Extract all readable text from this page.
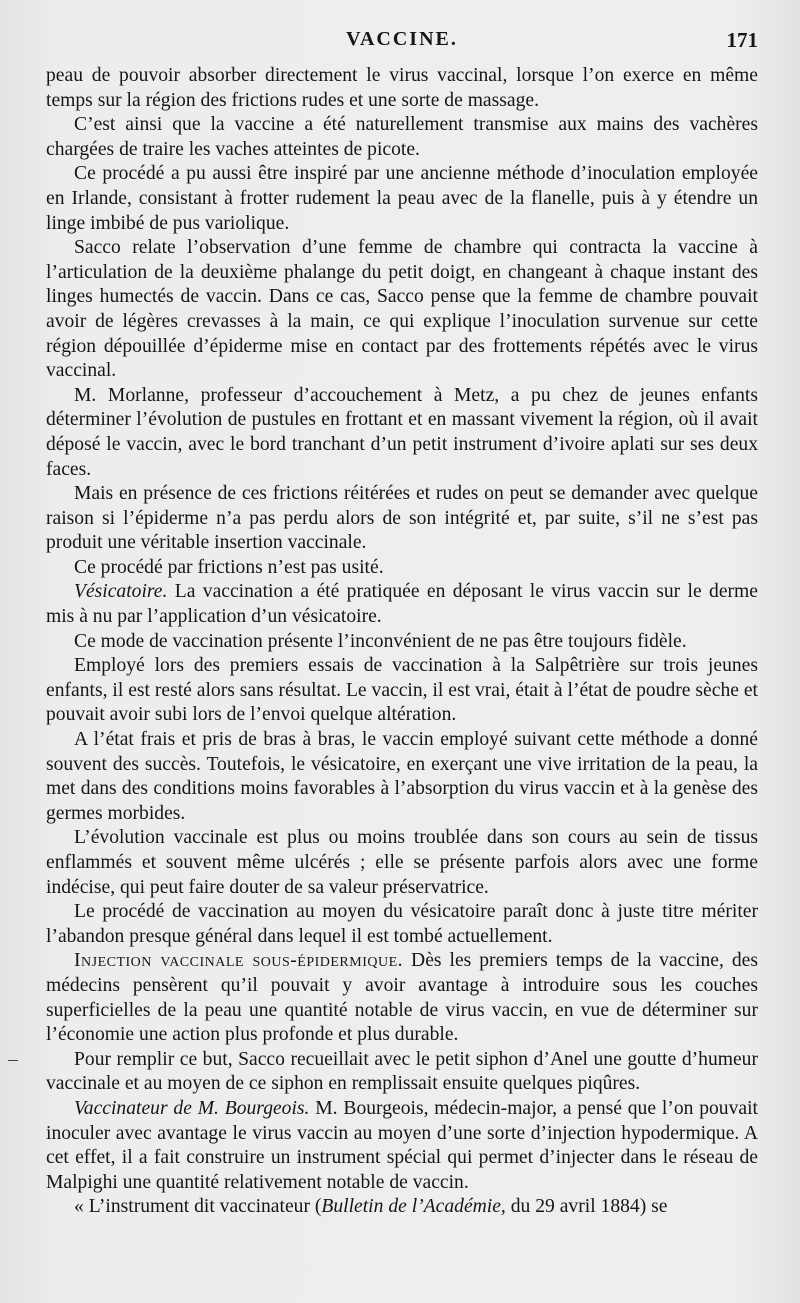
VACCINE.	171

peau de pouvoir absorber directement le virus vaccinal, lorsque l’on exerce en même temps sur la région des frictions rudes et une sorte de massage.

C’est ainsi que la vaccine a été naturellement transmise aux mains des vachères chargées de traire les vaches atteintes de picote.

Ce procédé a pu aussi être inspiré par une ancienne méthode d’inoculation employée en Irlande, consistant à frotter rudement la peau avec de la flanelle, puis à y étendre un linge imbibé de pus variolique.

Sacco relate l’observation d’une femme de chambre qui contracta la vaccine à l’articulation de la deuxième phalange du petit doigt, en changeant à chaque instant des linges humectés de vaccin. Dans ce cas, Sacco pense que la femme de chambre pouvait avoir de légères crevasses à la main, ce qui explique l’inoculation survenue sur cette région dépouillée d’épiderme mise en contact par des frottements répétés avec le virus vaccinal.

M. Morlanne, professeur d’accouchement à Metz, a pu chez de jeunes enfants déterminer l’évolution de pustules en frottant et en massant vivement la région, où il avait déposé le vaccin, avec le bord tranchant d’un petit instrument d’ivoire aplati sur ses deux faces.

Mais en présence de ces frictions réitérées et rudes on peut se demander avec quelque raison si l’épiderme n’a pas perdu alors de son intégrité et, par suite, s’il ne s’est pas produit une véritable insertion vaccinale.

Ce procédé par frictions n’est pas usité.

Vésicatoire. La vaccination a été pratiquée en déposant le virus vaccin sur le derme mis à nu par l’application d’un vésicatoire.

Ce mode de vaccination présente l’inconvénient de ne pas être toujours fidèle.

Employé lors des premiers essais de vaccination à la Salpêtrière sur trois jeunes enfants, il est resté alors sans résultat. Le vaccin, il est vrai, était à l’état de poudre sèche et pouvait avoir subi lors de l’envoi quelque altération.

A l’état frais et pris de bras à bras, le vaccin employé suivant cette méthode a donné souvent des succès. Toutefois, le vésicatoire, en exerçant une vive irritation de la peau, la met dans des conditions moins favorables à l’absorption du virus vaccin et à la genèse des germes morbides.

L’évolution vaccinale est plus ou moins troublée dans son cours au sein de tissus enflammés et souvent même ulcérés ; elle se présente parfois alors avec une forme indécise, qui peut faire douter de sa valeur préservatrice.

Le procédé de vaccination au moyen du vésicatoire paraît donc à juste titre mériter l’abandon presque général dans lequel il est tombé actuellement.

Injection vaccinale sous-épidermique. Dès les premiers temps de la vaccine, des médecins pensèrent qu’il pouvait y avoir avantage à introduire sous les couches superficielles de la peau une quantité notable de virus vaccin, en vue de déterminer sur l’économie une action plus profonde et plus durable.

Pour remplir ce but, Sacco recueillait avec le petit siphon d’Anel une goutte d’humeur vaccinale et au moyen de ce siphon en remplissait ensuite quelques piqûres.

Vaccinateur de M. Bourgeois. M. Bourgeois, médecin-major, a pensé que l’on pouvait inoculer avec avantage le virus vaccin au moyen d’une sorte d’injection hypodermique. A cet effet, il a fait construire un instrument spécial qui permet d’injecter dans le réseau de Malpighi une quantité relativement notable de vaccin.

« L’instrument dit vaccinateur (Bulletin de l’Académie, du 29 avril 1884) se
